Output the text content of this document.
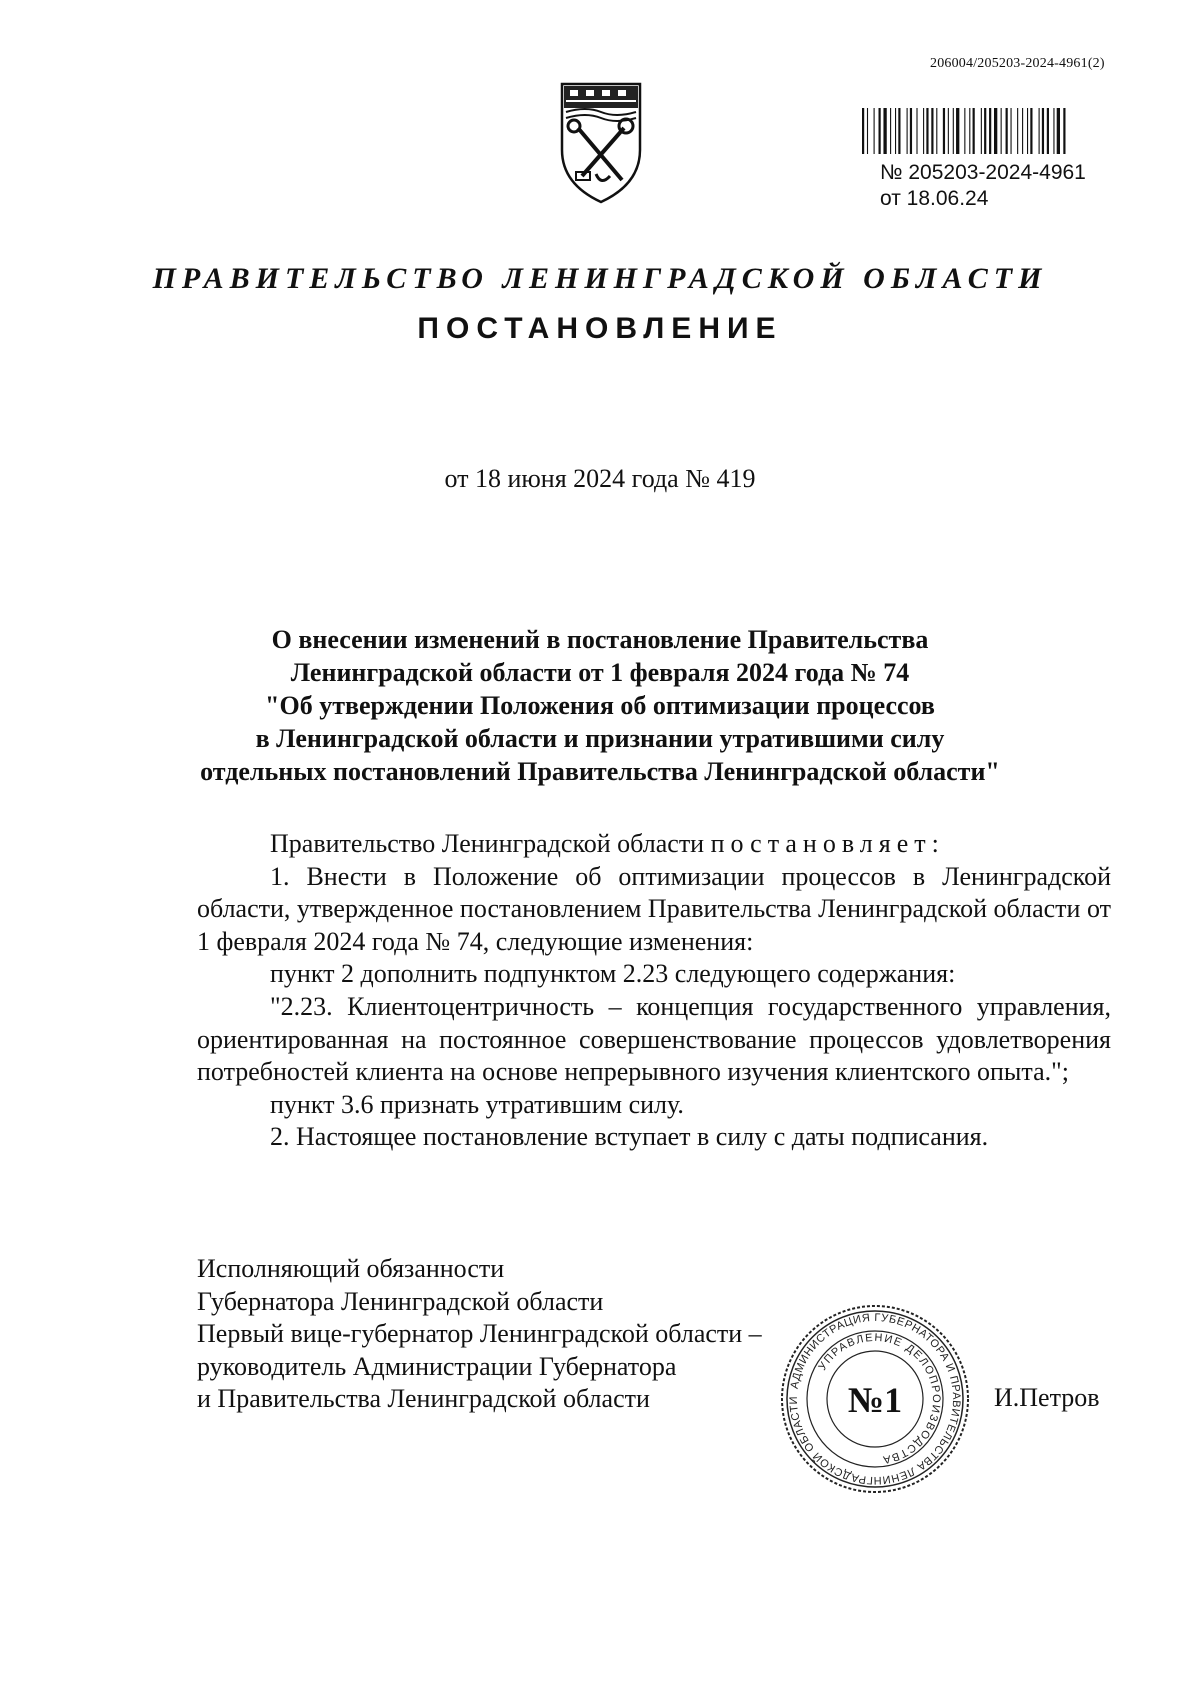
206004/205203-2024-4961(2)
№ 205203-2024-4961
от 18.06.24
ПРАВИТЕЛЬСТВО ЛЕНИНГРАДСКОЙ ОБЛАСТИ
ПОСТАНОВЛЕНИЕ
от 18 июня 2024 года № 419
О внесении изменений в постановление Правительства
Ленинградской области от 1 февраля 2024 года № 74
"Об утверждении Положения об оптимизации процессов
в Ленинградской области и признании утратившими силу
отдельных постановлений Правительства Ленинградской области"
Правительство Ленинградской области постановляет:
1. Внести в Положение об оптимизации процессов в Ленинградской области, утвержденное постановлением Правительства Ленинградской области от 1 февраля 2024 года № 74, следующие изменения:
пункт 2 дополнить подпунктом 2.23 следующего содержания:
"2.23. Клиентоцентричность – концепция государственного управления, ориентированная на постоянное совершенствование процессов удовлетворения потребностей клиента на основе непрерывного изучения клиентского опыта.";
пункт 3.6 признать утратившим силу.
2. Настоящее постановление вступает в силу с даты подписания.
Исполняющий обязанности
Губернатора Ленинградской области
Первый вице-губернатор Ленинградской области –
руководитель Администрации Губернатора
и Правительства Ленинградской области	АДМИНИСТРАЦИЯ ГУБЕРНАТОРА И ПРАВИТЕЛЬСТВА ЛЕНИНГРАДСКОЙ ОБЛАСТИ
УПРАВЛЕНИЕ ДЕЛОПРОИЗВОДСТВА
№1	И.Петров
